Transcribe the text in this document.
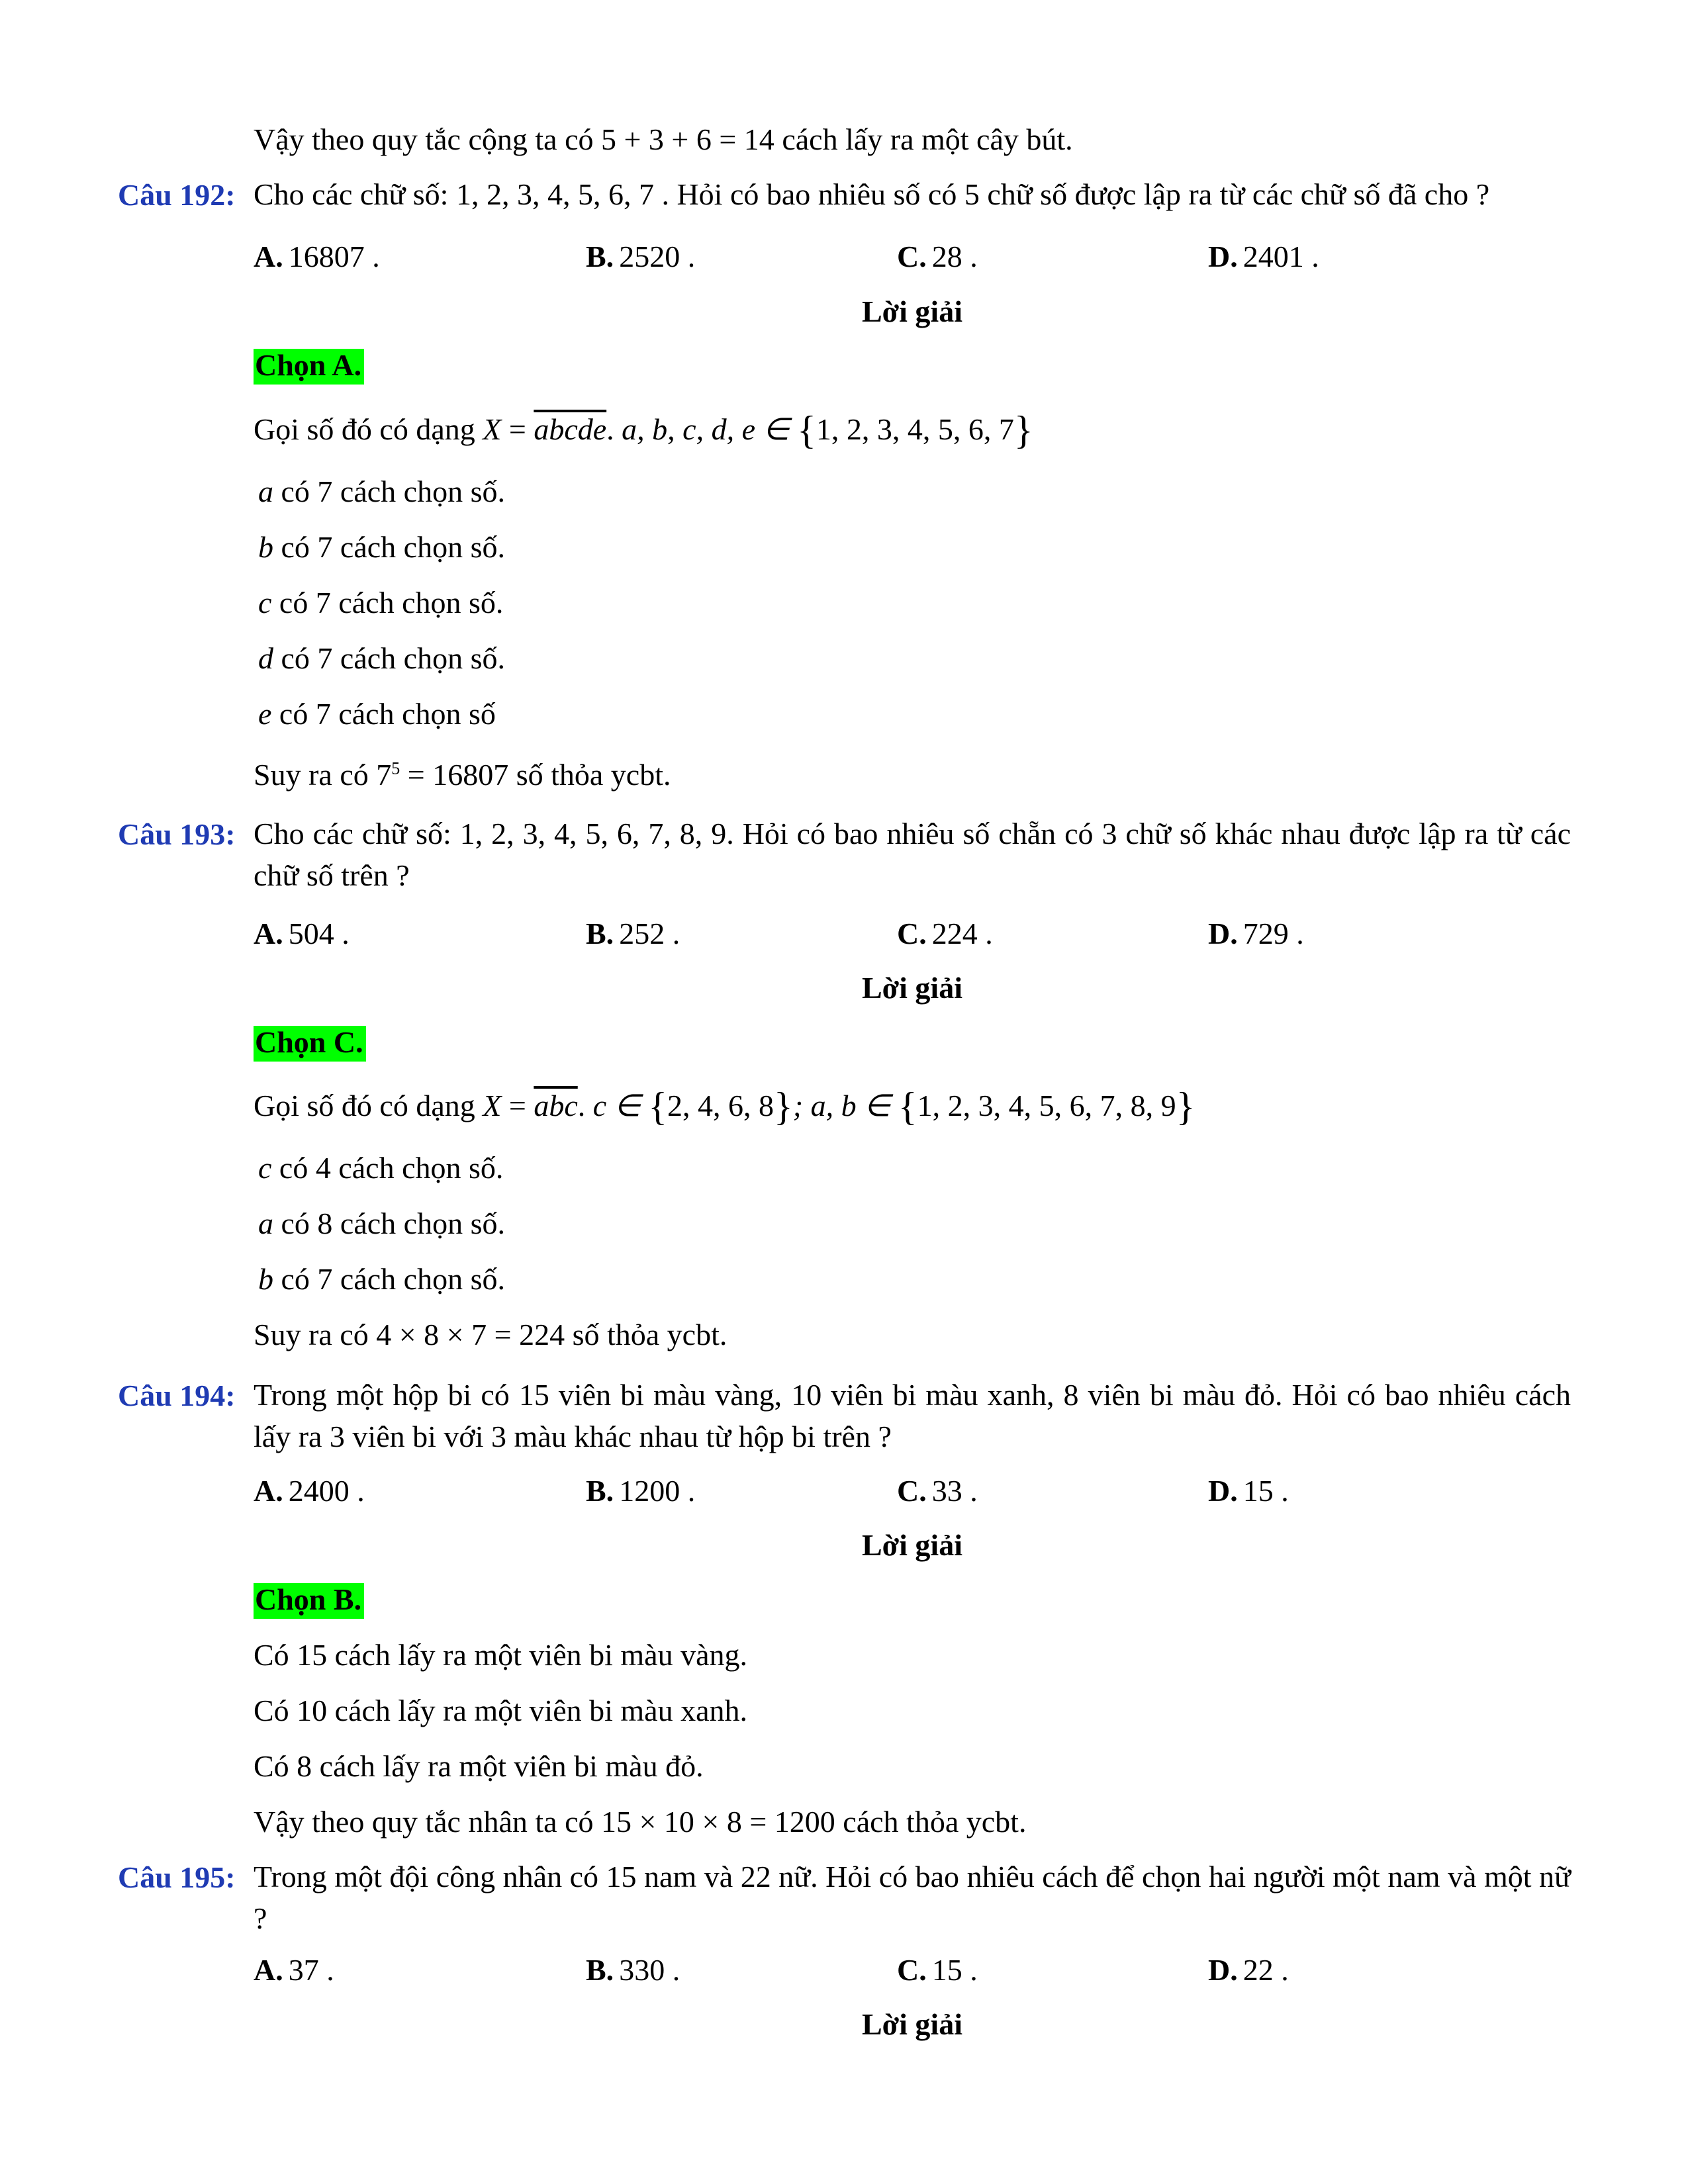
Vậy theo quy tắc cộng ta có 5 + 3 + 6 = 14 cách lấy ra một cây bút.
Câu 192: Cho các chữ số: 1, 2, 3, 4, 5, 6, 7 . Hỏi có bao nhiêu số có 5 chữ số được lập ra từ các chữ số đã cho ?
A. 16807 .	B. 2520 .	C. 28 .	D. 2401 .
Lời giải
Chọn A.
Gọi số đó có dạng X = abcde. a, b, c, d, e ∈ {1, 2, 3, 4, 5, 6, 7}
a có 7 cách chọn số.
b có 7 cách chọn số.
c có 7 cách chọn số.
d có 7 cách chọn số.
e có 7 cách chọn số
Suy ra có $7^5 = 16807$ số thỏa ycbt.
Câu 193: Cho các chữ số: 1, 2, 3, 4, 5, 6, 7, 8, 9. Hỏi có bao nhiêu số chẵn có 3 chữ số khác nhau được lập ra từ các chữ số trên ?
A. 504 .	B. 252 .	C. 224 .	D. 729 .
Lời giải
Chọn C.
Gọi số đó có dạng $X = \overline{abc}$. c ∈ {2, 4, 6, 8}; a, b ∈ {1, 2, 3, 4, 5, 6, 7, 8, 9}
c có 4 cách chọn số.
a có 8 cách chọn số.
b có 7 cách chọn số.
Suy ra có 4 × 8 × 7 = 224 số thỏa ycbt.
Câu 194: Trong một hộp bi có 15 viên bi màu vàng, 10 viên bi màu xanh, 8 viên bi màu đỏ. Hỏi có bao nhiêu cách lấy ra 3 viên bi với 3 màu khác nhau từ hộp bi trên ?
A. 2400 .	B. 1200 .	C. 33 .	D. 15 .
Lời giải
Chọn B.
Có 15 cách lấy ra một viên bi màu vàng.
Có 10 cách lấy ra một viên bi màu xanh.
Có 8 cách lấy ra một viên bi màu đỏ.
Vậy theo quy tắc nhân ta có 15 × 10 × 8 = 1200 cách thỏa ycbt.
Câu 195: Trong một đội công nhân có 15 nam và 22 nữ. Hỏi có bao nhiêu cách để chọn hai người một nam và một nữ ?
A. 37 .	B. 330 .	C. 15 .	D. 22 .
Lời giải
